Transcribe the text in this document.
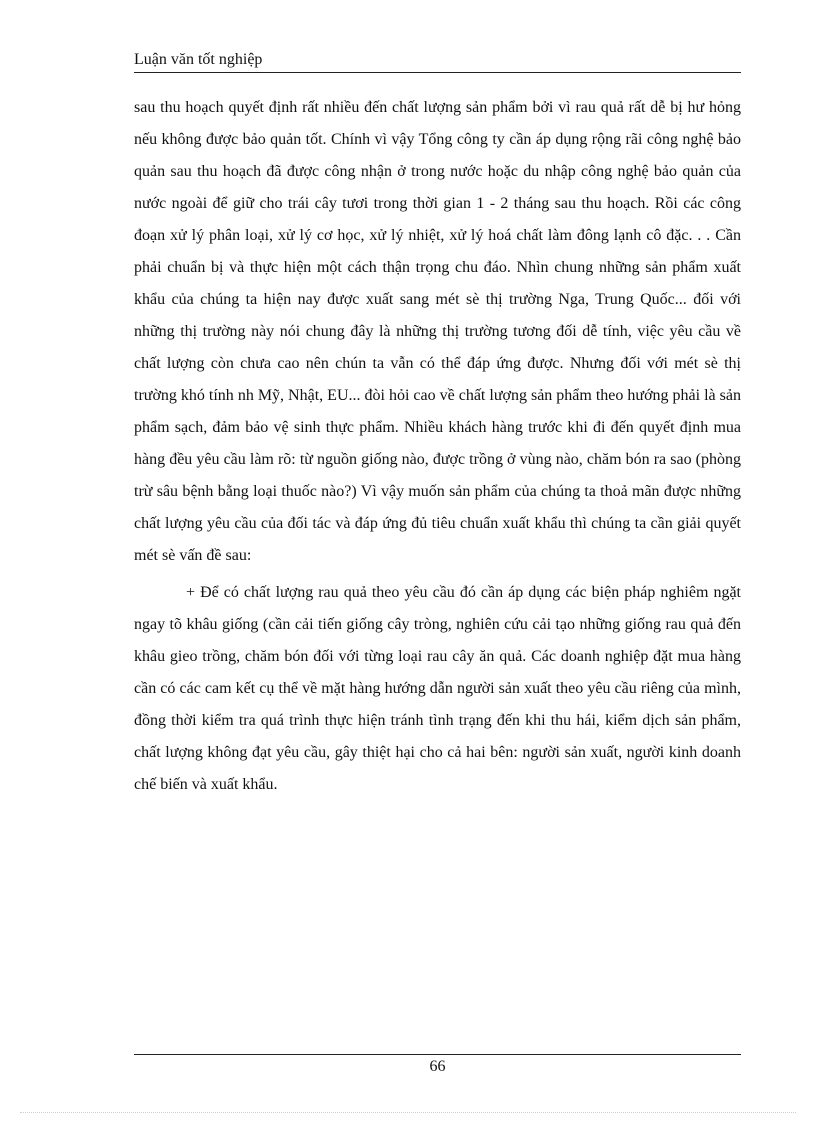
Luận văn tốt nghiệp

sau thu hoạch quyết định rất nhiều đến chất lượng sản phẩm bởi vì rau quả rất dễ bị hư hỏng nếu không được bảo quản tốt. Chính vì vậy Tổng công ty cần áp dụng rộng rãi công nghệ bảo quản sau thu hoạch đã được công nhận ở trong nước hoặc du nhập công nghệ bảo quản của nước ngoài để giữ cho trái cây tươi trong thời gian 1 - 2 tháng sau thu hoạch. Rồi các công đoạn xử lý phân loại, xử lý cơ học, xử lý nhiệt, xử lý hoá chất làm đông lạnh cô đặc. . . Cần phải chuẩn bị và thực hiện một cách thận trọng chu đáo. Nhìn chung những sản phẩm xuất khẩu của chúng ta hiện nay được xuất sang mét sè thị trường Nga, Trung Quốc... đối với những thị trường này nói chung đây là những thị trường tương đối dễ tính, việc yêu cầu về chất lượng còn chưa cao nên chún ta vẫn có thể đáp ứng được. Nhưng đối với mét sè thị trường khó tính nh Mỹ, Nhật, EU... đòi hỏi cao về chất lượng sản phẩm theo hướng phải là sản phẩm sạch, đảm bảo vệ sinh thực phẩm. Nhiều khách hàng trước khi đi đến quyết định mua hàng đều yêu cầu làm rõ: từ nguồn giống nào, được trồng ở vùng nào, chăm bón ra sao (phòng trừ sâu bệnh bằng loại thuốc nào?) Vì vậy muốn sản phẩm của chúng ta thoả mãn được những chất lượng yêu cầu của đối tác và đáp ứng đủ tiêu chuẩn xuất khẩu thì chúng ta cần giải quyết mét sè vấn đề sau:

+ Để có chất lượng rau quả theo yêu cầu đó cần áp dụng các biện pháp nghiêm ngặt ngay tõ khâu giống (cần cải tiến giống cây tròng, nghiên cứu cải tạo những giống rau quả đến khâu gieo trồng, chăm bón đối với từng loại rau cây ăn quả. Các doanh nghiệp đặt mua hàng cần có các cam kết cụ thể về mặt hàng hướng dẫn người sản xuất theo yêu cầu riêng của mình, đồng thời kiểm tra quá trình thực hiện tránh tình trạng đến khi thu hái, kiểm dịch sản phẩm, chất lượng không đạt yêu cầu, gây thiệt hại cho cả hai bên: người sản xuất, người kinh doanh chế biến và xuất khẩu.

66
